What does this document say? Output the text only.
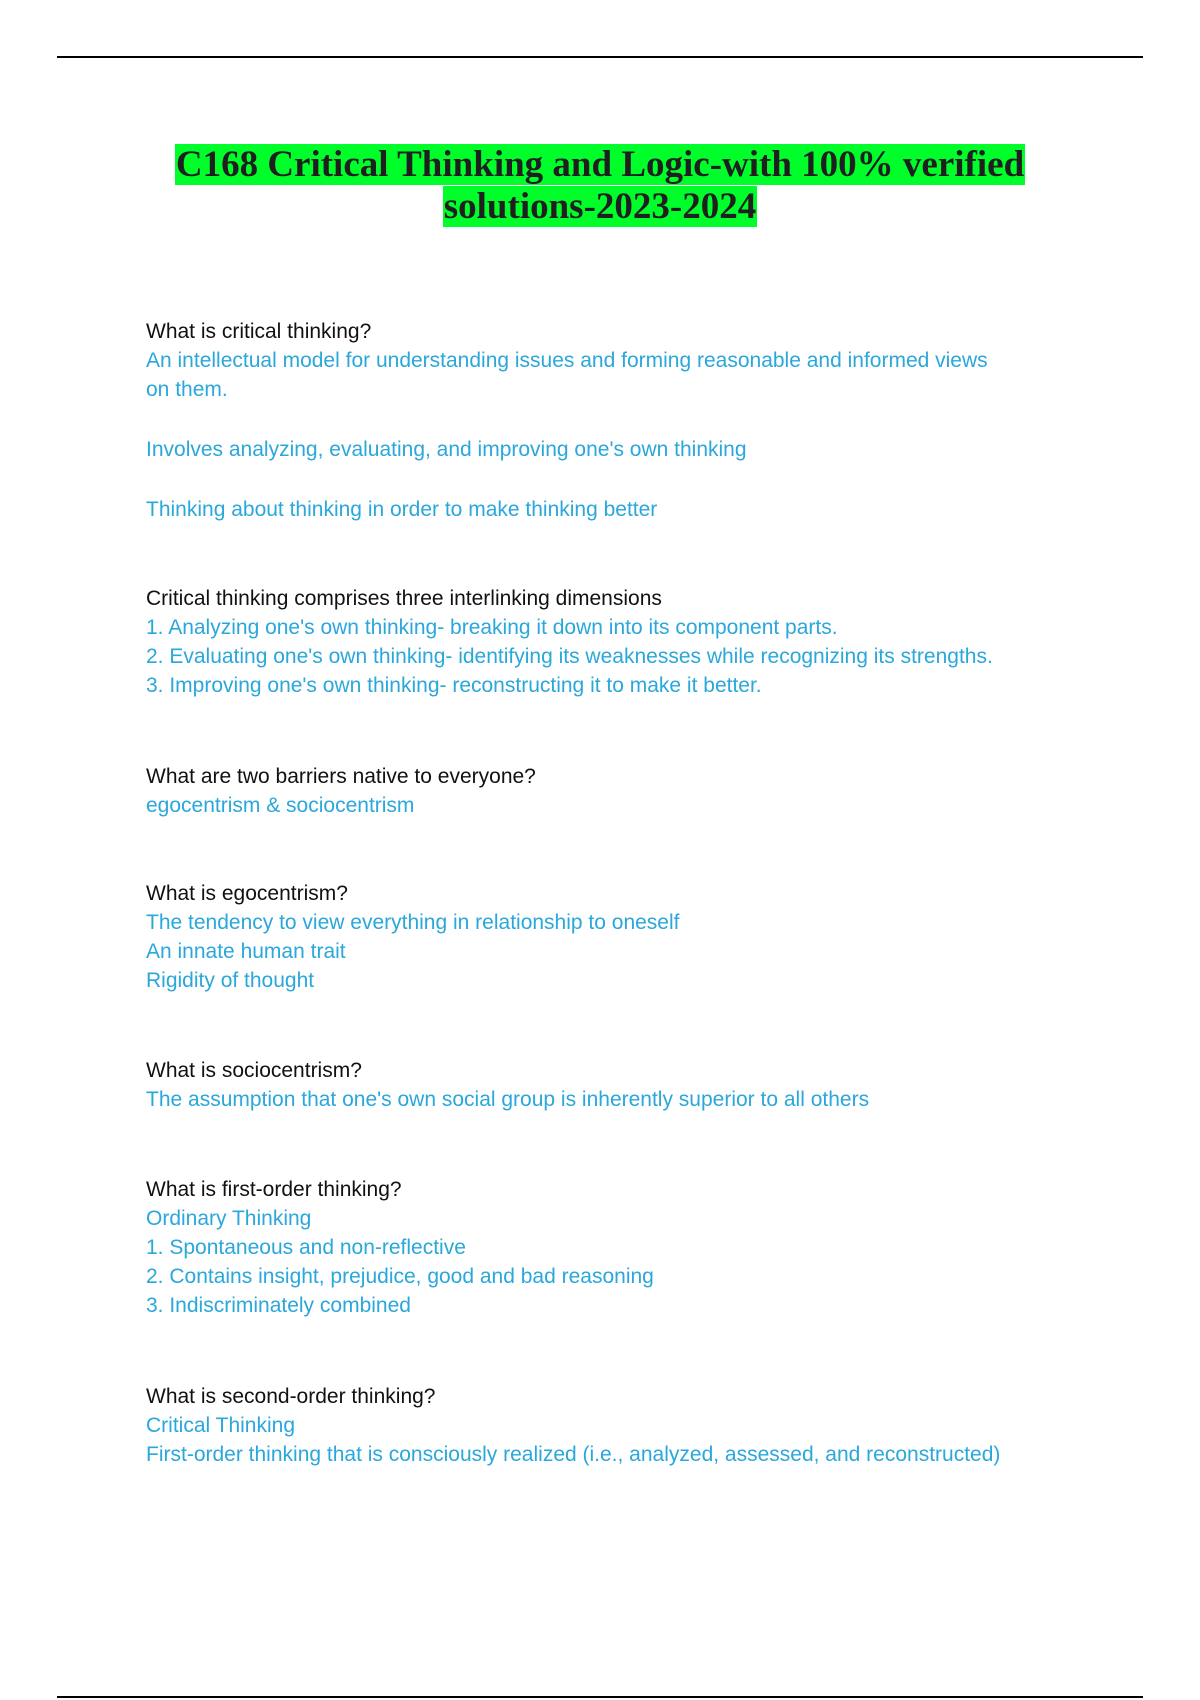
C168 Critical Thinking and Logic-with 100% verified
solutions-2023-2024
What is critical thinking?
An intellectual model for understanding issues and forming reasonable and informed views
on them.
Involves analyzing, evaluating, and improving one's own thinking
Thinking about thinking in order to make thinking better
Critical thinking comprises three interlinking dimensions
1. Analyzing one's own thinking- breaking it down into its component parts.
2. Evaluating one's own thinking- identifying its weaknesses while recognizing its strengths.
3. Improving one's own thinking- reconstructing it to make it better.
What are two barriers native to everyone?
egocentrism & sociocentrism
What is egocentrism?
The tendency to view everything in relationship to oneself
An innate human trait
Rigidity of thought
What is sociocentrism?
The assumption that one's own social group is inherently superior to all others
What is first-order thinking?
Ordinary Thinking
1. Spontaneous and non-reflective
2. Contains insight, prejudice, good and bad reasoning
3. Indiscriminately combined
What is second-order thinking?
Critical Thinking
First-order thinking that is consciously realized (i.e., analyzed, assessed, and reconstructed)
